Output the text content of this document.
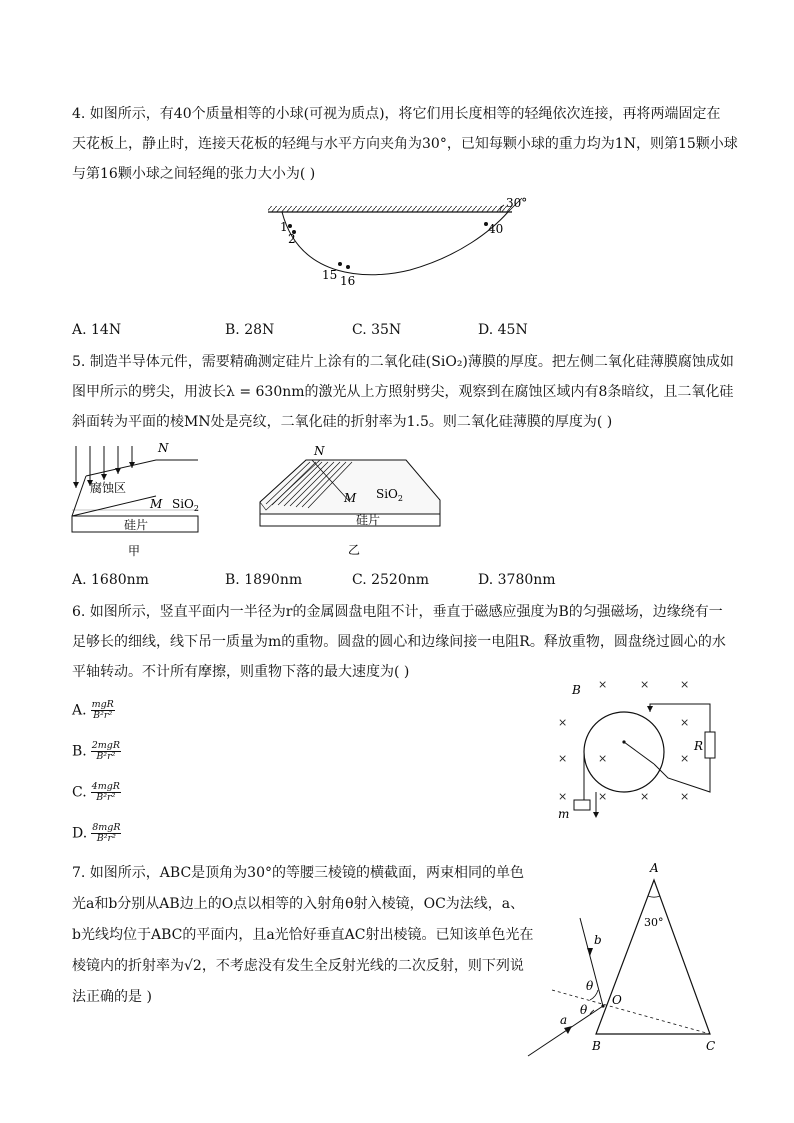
4. 如图所示，有40个质量相等的小球(可视为质点)，将它们用长度相等的轻绳依次连接，再将两端固定在
天花板上，静止时，连接天花板的轻绳与水平方向夹角为30°，已知每颗小球的重力均为1N，则第15颗小球
与第16颗小球之间轻绳的张力大小为( )
30°
1
2
15 16
40
A. 14N	B. 28N	C. 35N	D. 45N
5. 制造半导体元件，需要精确测定硅片上涂有的二氧化硅(SiO₂)薄膜的厚度。把左侧二氧化硅薄膜腐蚀成如
图甲所示的劈尖，用波长λ = 630nm的激光从上方照射劈尖，观察到在腐蚀区域内有8条暗纹，且二氧化硅
斜面转为平面的棱MN处是亮纹，二氧化硅的折射率为1.5。则二氧化硅薄膜的厚度为( )
N
腐蚀区
M SiO$_2$
硅片
甲
N
M SiO$_2$
硅片
乙
A. 1680nm	B. 1890nm	C. 2520nm	D. 3780nm
6. 如图所示，竖直平面内一半径为r的金属圆盘电阻不计，垂直于磁感应强度为B的匀强磁场，边缘绕有一
足够长的细线，线下吊一质量为m的重物。圆盘的圆心和边缘间接一电阻R。释放重物，圆盘绕过圆心的水
平轴转动。不计所有摩擦，则重物下落的最大速度为( )
A. $\frac{\text{mgR}}{\text{B²r²}}$
B. $\frac{\text{2mgR}}{\text{B²r²}}$
C. $\frac{\text{4mgR}}{\text{B²r²}}$
D. $\frac{\text{8mgR}}{\text{B²r²}}$
×	×	×
×	×
×	×	×
×	×	×
×
B
R
m
7. 如图所示，ABC是顶角为30°的等腰三棱镜的横截面，两束相同的单色
光a和b分别从AB边上的O点以相等的入射角θ射入棱镜，OC为法线，a、
b光线均位于ABC的平面内，且a光恰好垂直AC射出棱镜。已知该单色光在
棱镜内的折射率为√2，不考虑没有发生全反射光线的二次反射，则下列说
法正确的是 )
30°
A
B	C
O
b
a
θ
θ
